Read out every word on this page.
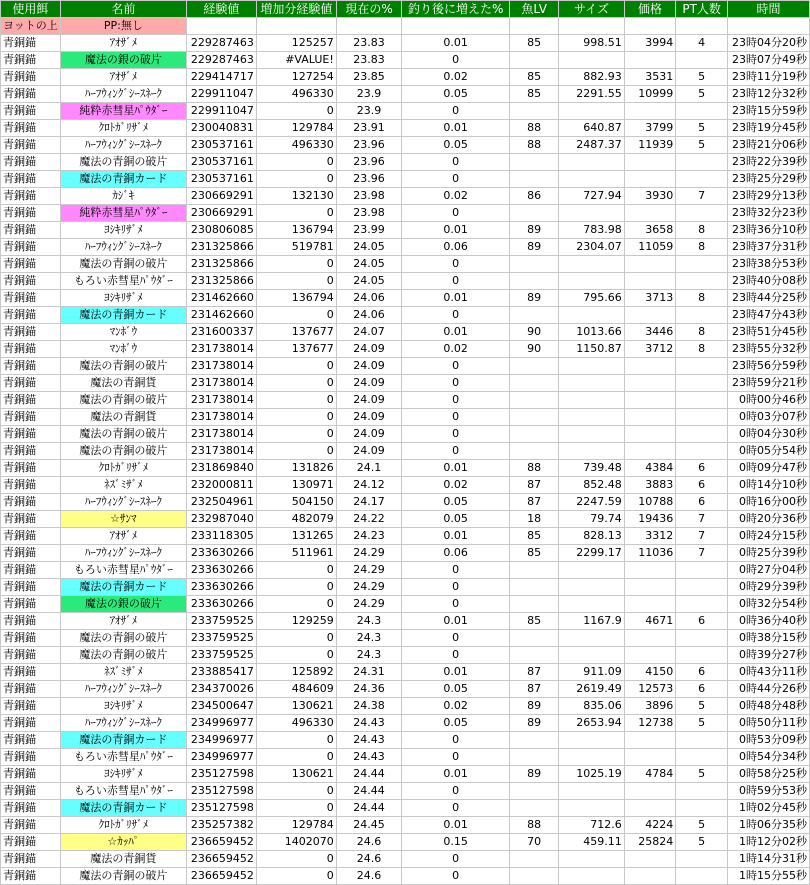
使用餌	名前	経験値	増加分経験値	現在の%	釣り後に増えた%	魚LV	サイズ	価格	PT人数	時間
ヨットの上	PP:無し									
青銅錨	ｱｵｻﾞﾒ	229287463	125257	23.83	0.01	85	998.51	3994	4	23時04分20秒
青銅錨	魔法の銀の破片	229287463	#VALUE!	23.83	0					23時07分49秒
青銅錨	ｱｵｻﾞﾒ	229414717	127254	23.85	0.02	85	882.93	3531	5	23時11分19秒
青銅錨	ﾊｰﾌｳｨﾝｸﾞｼｰｽﾈｰｸ	229911047	496330	23.9	0.05	85	2291.55	10999	5	23時12分32秒
青銅錨	純粋赤彗星ﾊﾟｳﾀﾞｰ	229911047	0	23.9	0					23時15分59秒
青銅錨	ｸﾛﾄｶﾞﾘｻﾞﾒ	230040831	129784	23.91	0.01	88	640.87	3799	5	23時19分45秒
青銅錨	ﾊｰﾌｳｨﾝｸﾞｼｰｽﾈｰｸ	230537161	496330	23.96	0.05	88	2487.37	11939	5	23時21分06秒
青銅錨	魔法の青銅の破片	230537161	0	23.96	0					23時22分39秒
青銅錨	魔法の青銅カード	230537161	0	23.96	0					23時25分29秒
青銅錨	ｶｼﾞｷ	230669291	132130	23.98	0.02	86	727.94	3930	7	23時29分13秒
青銅錨	純粋赤彗星ﾊﾟｳﾀﾞｰ	230669291	0	23.98	0					23時32分23秒
青銅錨	ﾖｼｷﾘｻﾞﾒ	230806085	136794	23.99	0.01	89	783.98	3658	8	23時36分10秒
青銅錨	ﾊｰﾌｳｨﾝｸﾞｼｰｽﾈｰｸ	231325866	519781	24.05	0.06	89	2304.07	11059	8	23時37分31秒
青銅錨	魔法の青銅の破片	231325866	0	24.05	0					23時38分53秒
青銅錨	もろい赤彗星ﾊﾟｳﾀﾞｰ	231325866	0	24.05	0					23時40分08秒
青銅錨	ﾖｼｷﾘｻﾞﾒ	231462660	136794	24.06	0.01	89	795.66	3713	8	23時44分25秒
青銅錨	魔法の青銅カード	231462660	0	24.06	0					23時47分43秒
青銅錨	ﾏﾝﾎﾞｳ	231600337	137677	24.07	0.01	90	1013.66	3446	8	23時51分45秒
青銅錨	ﾏﾝﾎﾞｳ	231738014	137677	24.09	0.02	90	1150.87	3712	8	23時55分32秒
青銅錨	魔法の青銅の破片	231738014	0	24.09	0					23時56分59秒
青銅錨	魔法の青銅貨	231738014	0	24.09	0					23時59分21秒
青銅錨	魔法の青銅の破片	231738014	0	24.09	0					0時00分46秒
青銅錨	魔法の青銅貨	231738014	0	24.09	0					0時03分07秒
青銅錨	魔法の青銅の破片	231738014	0	24.09	0					0時04分30秒
青銅錨	魔法の青銅の破片	231738014	0	24.09	0					0時05分54秒
青銅錨	ｸﾛﾄｶﾞﾘｻﾞﾒ	231869840	131826	24.1	0.01	88	739.48	4384	6	0時09分47秒
青銅錨	ﾈｽﾞﾐｻﾞﾒ	232000811	130971	24.12	0.02	87	852.48	3883	6	0時14分10秒
青銅錨	ﾊｰﾌｳｨﾝｸﾞｼｰｽﾈｰｸ	232504961	504150	24.17	0.05	87	2247.59	10788	6	0時16分00秒
青銅錨	☆ｻﾝﾏ	232987040	482079	24.22	0.05	18	79.74	19436	7	0時20分36秒
青銅錨	ｱｵｻﾞﾒ	233118305	131265	24.23	0.01	85	828.13	3312	7	0時24分15秒
青銅錨	ﾊｰﾌｳｨﾝｸﾞｼｰｽﾈｰｸ	233630266	511961	24.29	0.06	85	2299.17	11036	7	0時25分39秒
青銅錨	もろい赤彗星ﾊﾟｳﾀﾞｰ	233630266	0	24.29	0					0時27分04秒
青銅錨	魔法の青銅カード	233630266	0	24.29	0					0時29分39秒
青銅錨	魔法の銀の破片	233630266	0	24.29	0					0時32分54秒
青銅錨	ｱｵｻﾞﾒ	233759525	129259	24.3	0.01	85	1167.9	4671	6	0時36分40秒
青銅錨	魔法の青銅の破片	233759525	0	24.3	0					0時38分15秒
青銅錨	魔法の青銅の破片	233759525	0	24.3	0					0時39分27秒
青銅錨	ﾈｽﾞﾐｻﾞﾒ	233885417	125892	24.31	0.01	87	911.09	4150	6	0時43分11秒
青銅錨	ﾊｰﾌｳｨﾝｸﾞｼｰｽﾈｰｸ	234370026	484609	24.36	0.05	87	2619.49	12573	6	0時44分26秒
青銅錨	ﾖｼｷﾘｻﾞﾒ	234500647	130621	24.38	0.02	89	835.06	3896	5	0時48分48秒
青銅錨	ﾊｰﾌｳｨﾝｸﾞｼｰｽﾈｰｸ	234996977	496330	24.43	0.05	89	2653.94	12738	5	0時50分11秒
青銅錨	魔法の青銅カード	234996977	0	24.43	0					0時53分09秒
青銅錨	もろい赤彗星ﾊﾟｳﾀﾞｰ	234996977	0	24.43	0					0時54分34秒
青銅錨	ﾖｼｷﾘｻﾞﾒ	235127598	130621	24.44	0.01	89	1025.19	4784	5	0時58分25秒
青銅錨	もろい赤彗星ﾊﾟｳﾀﾞｰ	235127598	0	24.44	0					0時59分53秒
青銅錨	魔法の青銅カード	235127598	0	24.44	0					1時02分45秒
青銅錨	ｸﾛﾄｶﾞﾘｻﾞﾒ	235257382	129784	24.45	0.01	88	712.6	4224	5	1時06分35秒
青銅錨	☆ｶｯﾊﾟ	236659452	1402070	24.6	0.15	70	459.11	25824	5	1時12分02秒
青銅錨	魔法の青銅貨	236659452	0	24.6	0					1時14分31秒
青銅錨	魔法の青銅の破片	236659452	0	24.6	0					1時15分55秒
